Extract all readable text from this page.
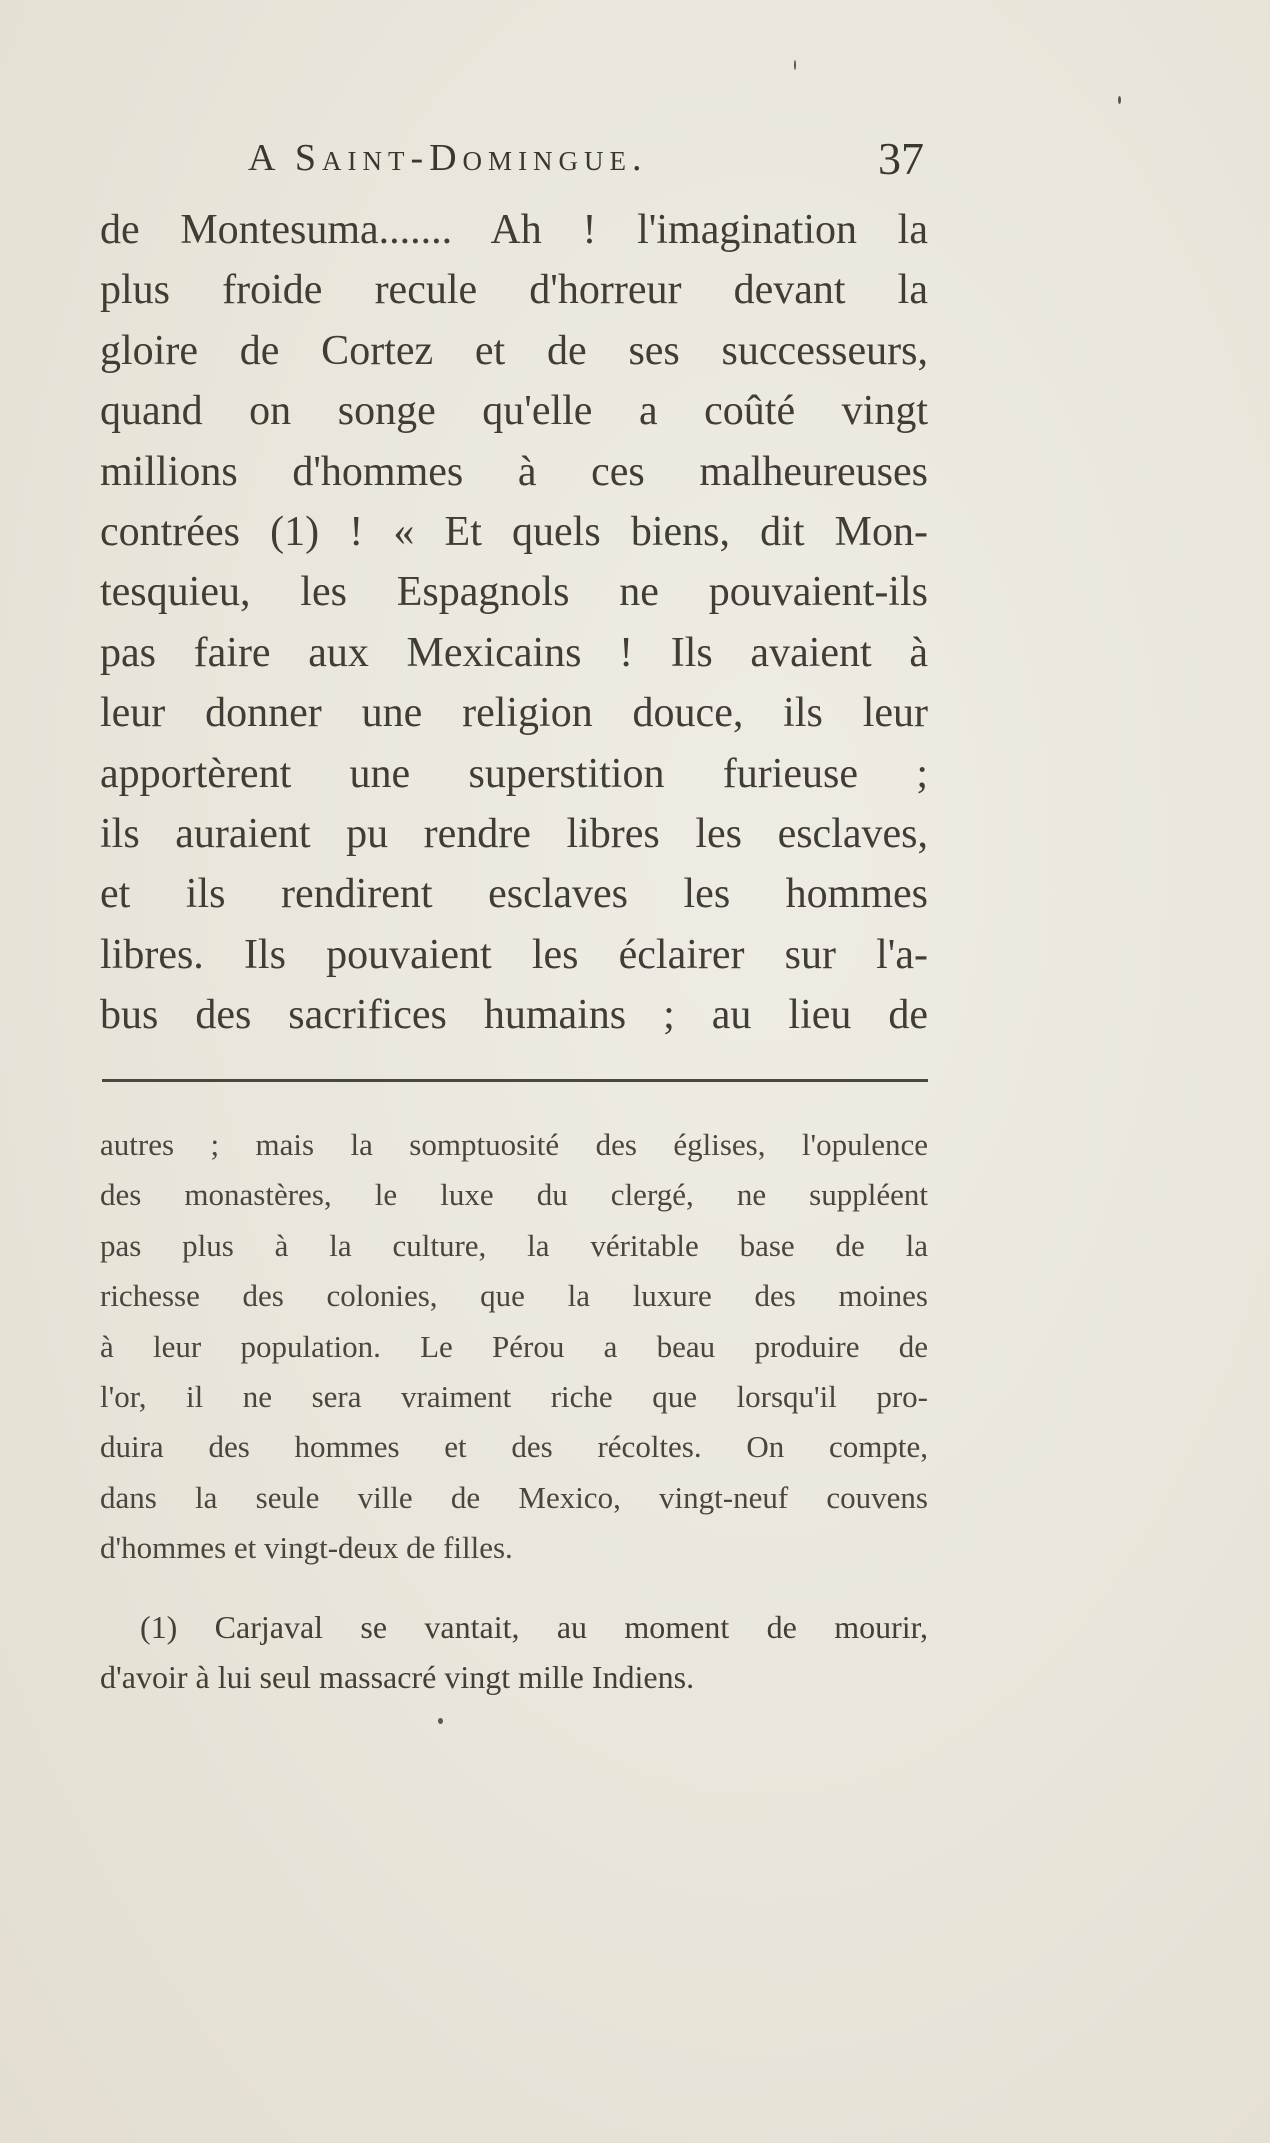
A Saint-Domingue.	37
de Montesuma....... Ah ! l'imagination la
plus froide recule d'horreur devant la
gloire de Cortez et de ses successeurs,
quand on songe qu'elle a coûté vingt
millions d'hommes à ces malheureuses
contrées (1) ! « Et quels biens, dit Mon-
tesquieu, les Espagnols ne pouvaient-ils
pas faire aux Mexicains ! Ils avaient à
leur donner une religion douce, ils leur
apportèrent une superstition furieuse ;
ils auraient pu rendre libres les esclaves,
et ils rendirent esclaves les hommes
libres. Ils pouvaient les éclairer sur l'a-
bus des sacrifices humains ; au lieu de
autres ; mais la somptuosité des églises, l'opulence
des monastères, le luxe du clergé, ne suppléent
pas plus à la culture, la véritable base de la
richesse des colonies, que la luxure des moines
à leur population. Le Pérou a beau produire de
l'or, il ne sera vraiment riche que lorsqu'il pro-
duira des hommes et des récoltes. On compte,
dans la seule ville de Mexico, vingt-neuf couvens
d'hommes et vingt-deux de filles.
(1) Carjaval se vantait, au moment de mourir,
d'avoir à lui seul massacré vingt mille Indiens.
